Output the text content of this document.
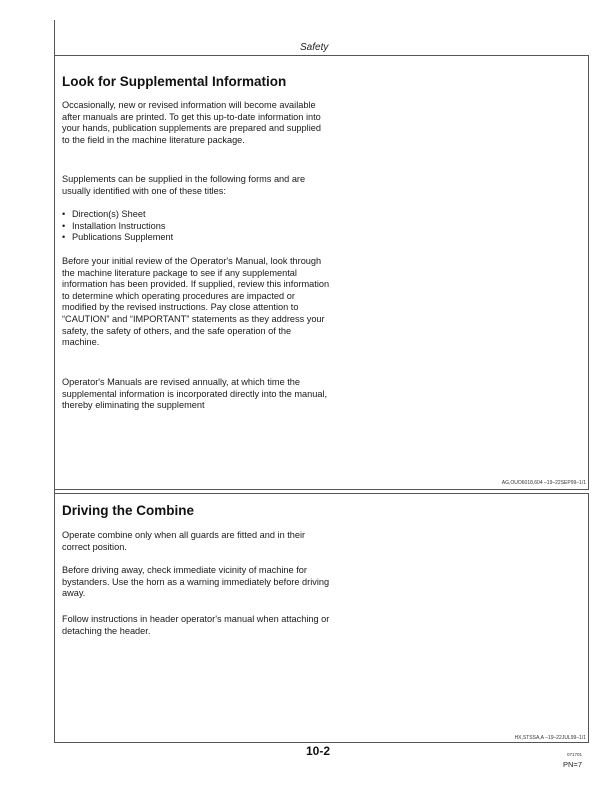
Safety
Look for Supplemental Information

Occasionally, new or revised information will become available after manuals are printed. To get this up-to-date information into your hands, publication supplements are prepared and supplied to the field in the machine literature package.

Supplements can be supplied in the following forms and are usually identified with one of these titles:

• Direction(s) Sheet
• Installation Instructions
• Publications Supplement

Before your initial review of the Operator's Manual, look through the machine literature package to see if any supplemental information has been provided. If supplied, review this information to determine which operating procedures are impacted or modified by the revised instructions. Pay close attention to “CAUTION” and “IMPORTANT” statements as they address your safety, the safety of others, and the safe operation of the machine.

Operator's Manuals are revised annually, at which time the supplemental information is incorporated directly into the manual, thereby eliminating the supplement

AG,OUO6018,604 –19–22SEP99–1/1
Driving the Combine

Operate combine only when all guards are fitted and in their correct position.

Before driving away, check immediate vicinity of machine for bystanders. Use the horn as a warning immediately before driving away.

Follow instructions in header operator's manual when attaching or detaching the header.

HX,STSSA,A –19–22JUL99–1/1
10-2	071701
PN=7
